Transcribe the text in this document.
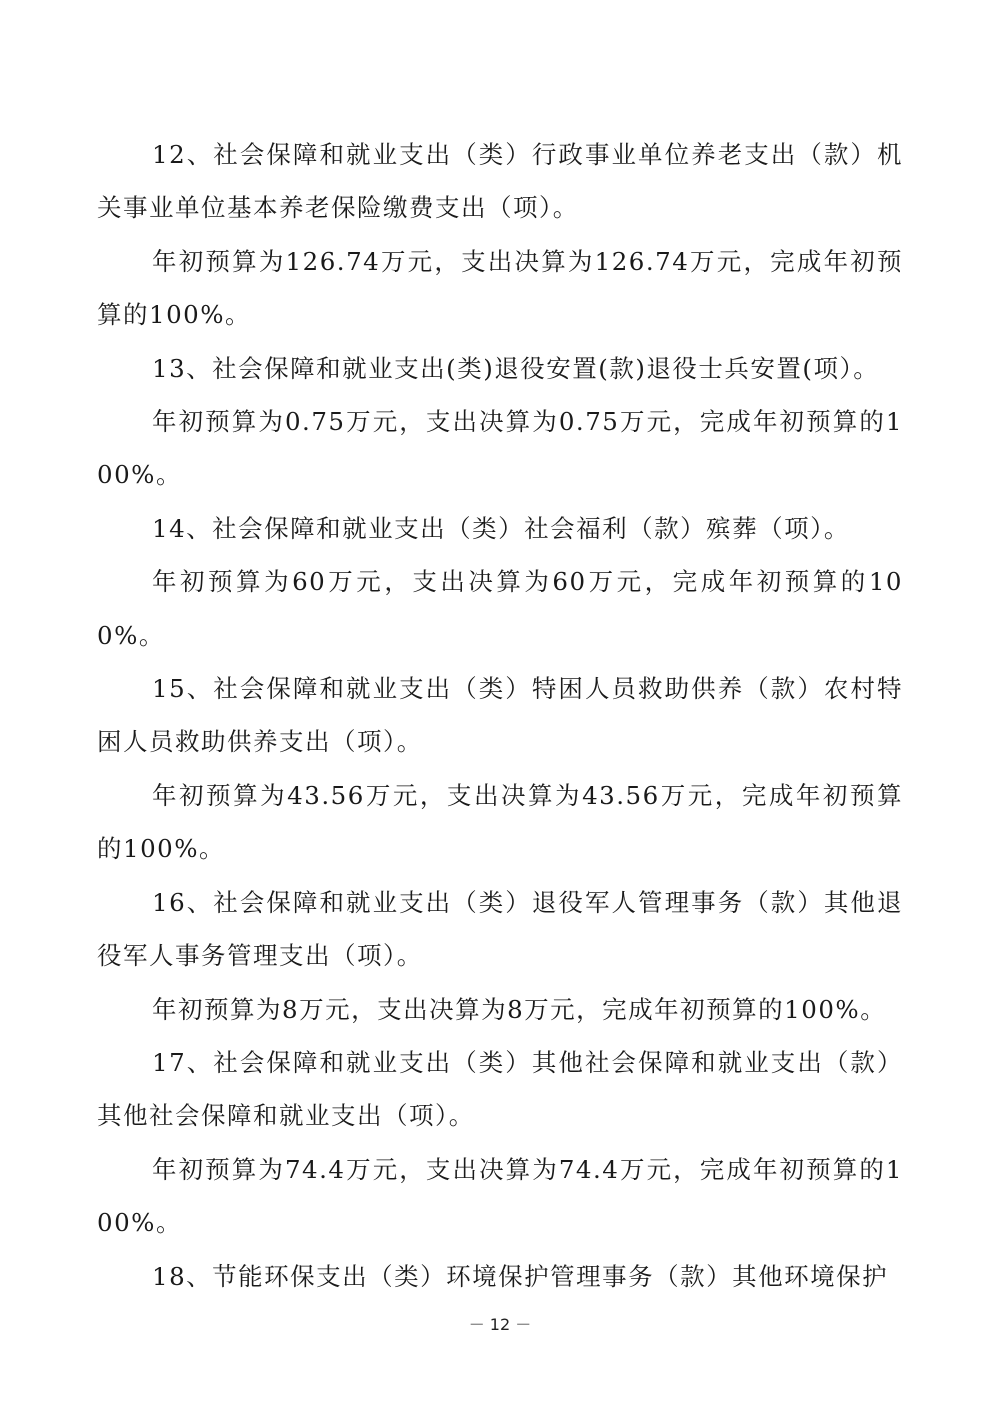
12、社会保障和就业支出（类）行政事业单位养老支出（款）机关事业单位基本养老保险缴费支出（项）。

年初预算为126.74万元，支出决算为126.74万元，完成年初预算的100%。

13、社会保障和就业支出(类)退役安置(款)退役士兵安置(项）。

年初预算为0.75万元，支出决算为0.75万元，完成年初预算的100%。

14、社会保障和就业支出（类）社会福利（款）殡葬（项）。

年初预算为60万元，支出决算为60万元，完成年初预算的100%。

15、社会保障和就业支出（类）特困人员救助供养（款）农村特困人员救助供养支出（项）。

年初预算为43.56万元，支出决算为43.56万元，完成年初预算的100%。

16、社会保障和就业支出（类）退役军人管理事务（款）其他退役军人事务管理支出（项）。

年初预算为8万元，支出决算为8万元，完成年初预算的100%。

17、社会保障和就业支出（类）其他社会保障和就业支出（款）其他社会保障和就业支出（项）。

年初预算为74.4万元，支出决算为74.4万元，完成年初预算的100%。

18、节能环保支出（类）环境保护管理事务（款）其他环境保护

－ 12 －
